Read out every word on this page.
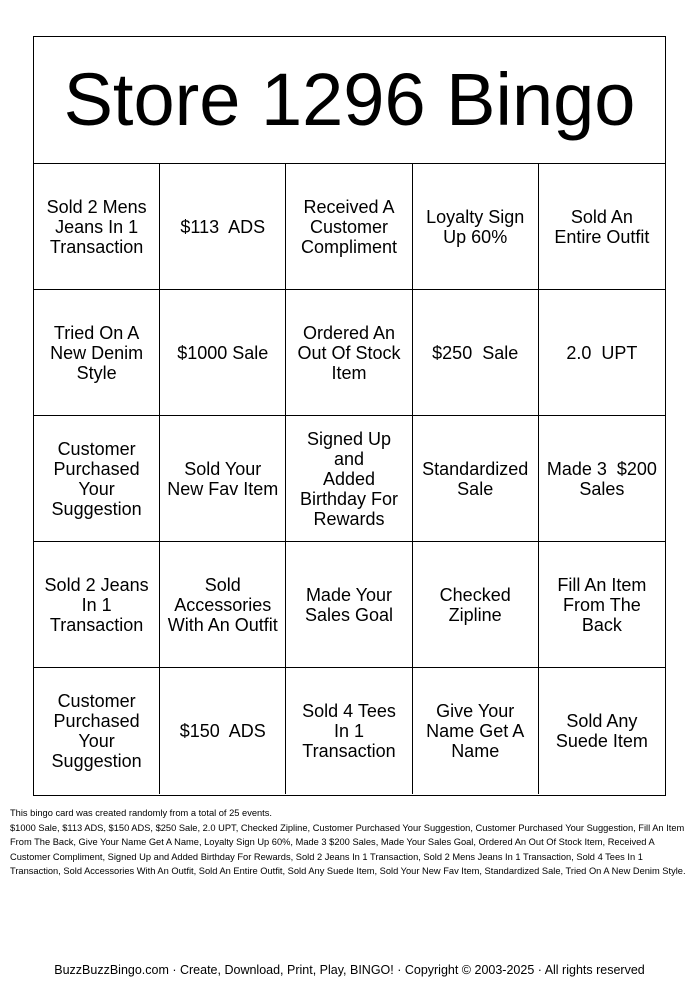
Store 1296 Bingo
Sold 2 Mens
Jeans In 1
Transaction
$113  ADS
Received A
Customer
Compliment
Loyalty Sign
Up 60%
Sold An
Entire Outfit
Tried On A
New Denim
Style
$1000 Sale
Ordered An
Out Of Stock
Item
$250  Sale	2.0  UPT
Customer
Purchased
Your
Suggestion
Sold Your
New Fav Item
Signed Up and
Added
Birthday For
Rewards
Standardized
Sale
Made 3  $200
Sales
Sold 2 Jeans
In 1
Transaction
Sold
Accessories
With An Outfit
Made Your
Sales Goal
Checked
Zipline
Fill An Item
From The
Back
Customer
Purchased
Your
Suggestion
$150  ADS
Sold 4 Tees
In 1
Transaction
Give Your
Name Get A
Name
Sold Any
Suede Item
This bingo card was created randomly from a total of 25 events.
$1000 Sale, $113 ADS, $150 ADS, $250 Sale, 2.0 UPT, Checked Zipline, Customer Purchased Your Suggestion, Customer Purchased Your Suggestion, Fill An Item From The Back, Give Your Name Get A Name, Loyalty Sign Up 60%, Made 3 $200 Sales, Made Your Sales Goal, Ordered An Out Of Stock Item, Received A Customer Compliment, Signed Up and Added Birthday For Rewards, Sold 2 Jeans In 1 Transaction, Sold 2 Mens Jeans In 1 Transaction, Sold 4 Tees In 1 Transaction, Sold Accessories With An Outfit, Sold An Entire Outfit, Sold Any Suede Item, Sold Your New Fav Item, Standardized Sale, Tried On A New Denim Style.
BuzzBuzzBingo.com · Create, Download, Print, Play, BINGO! · Copyright © 2003-2025 · All rights reserved
